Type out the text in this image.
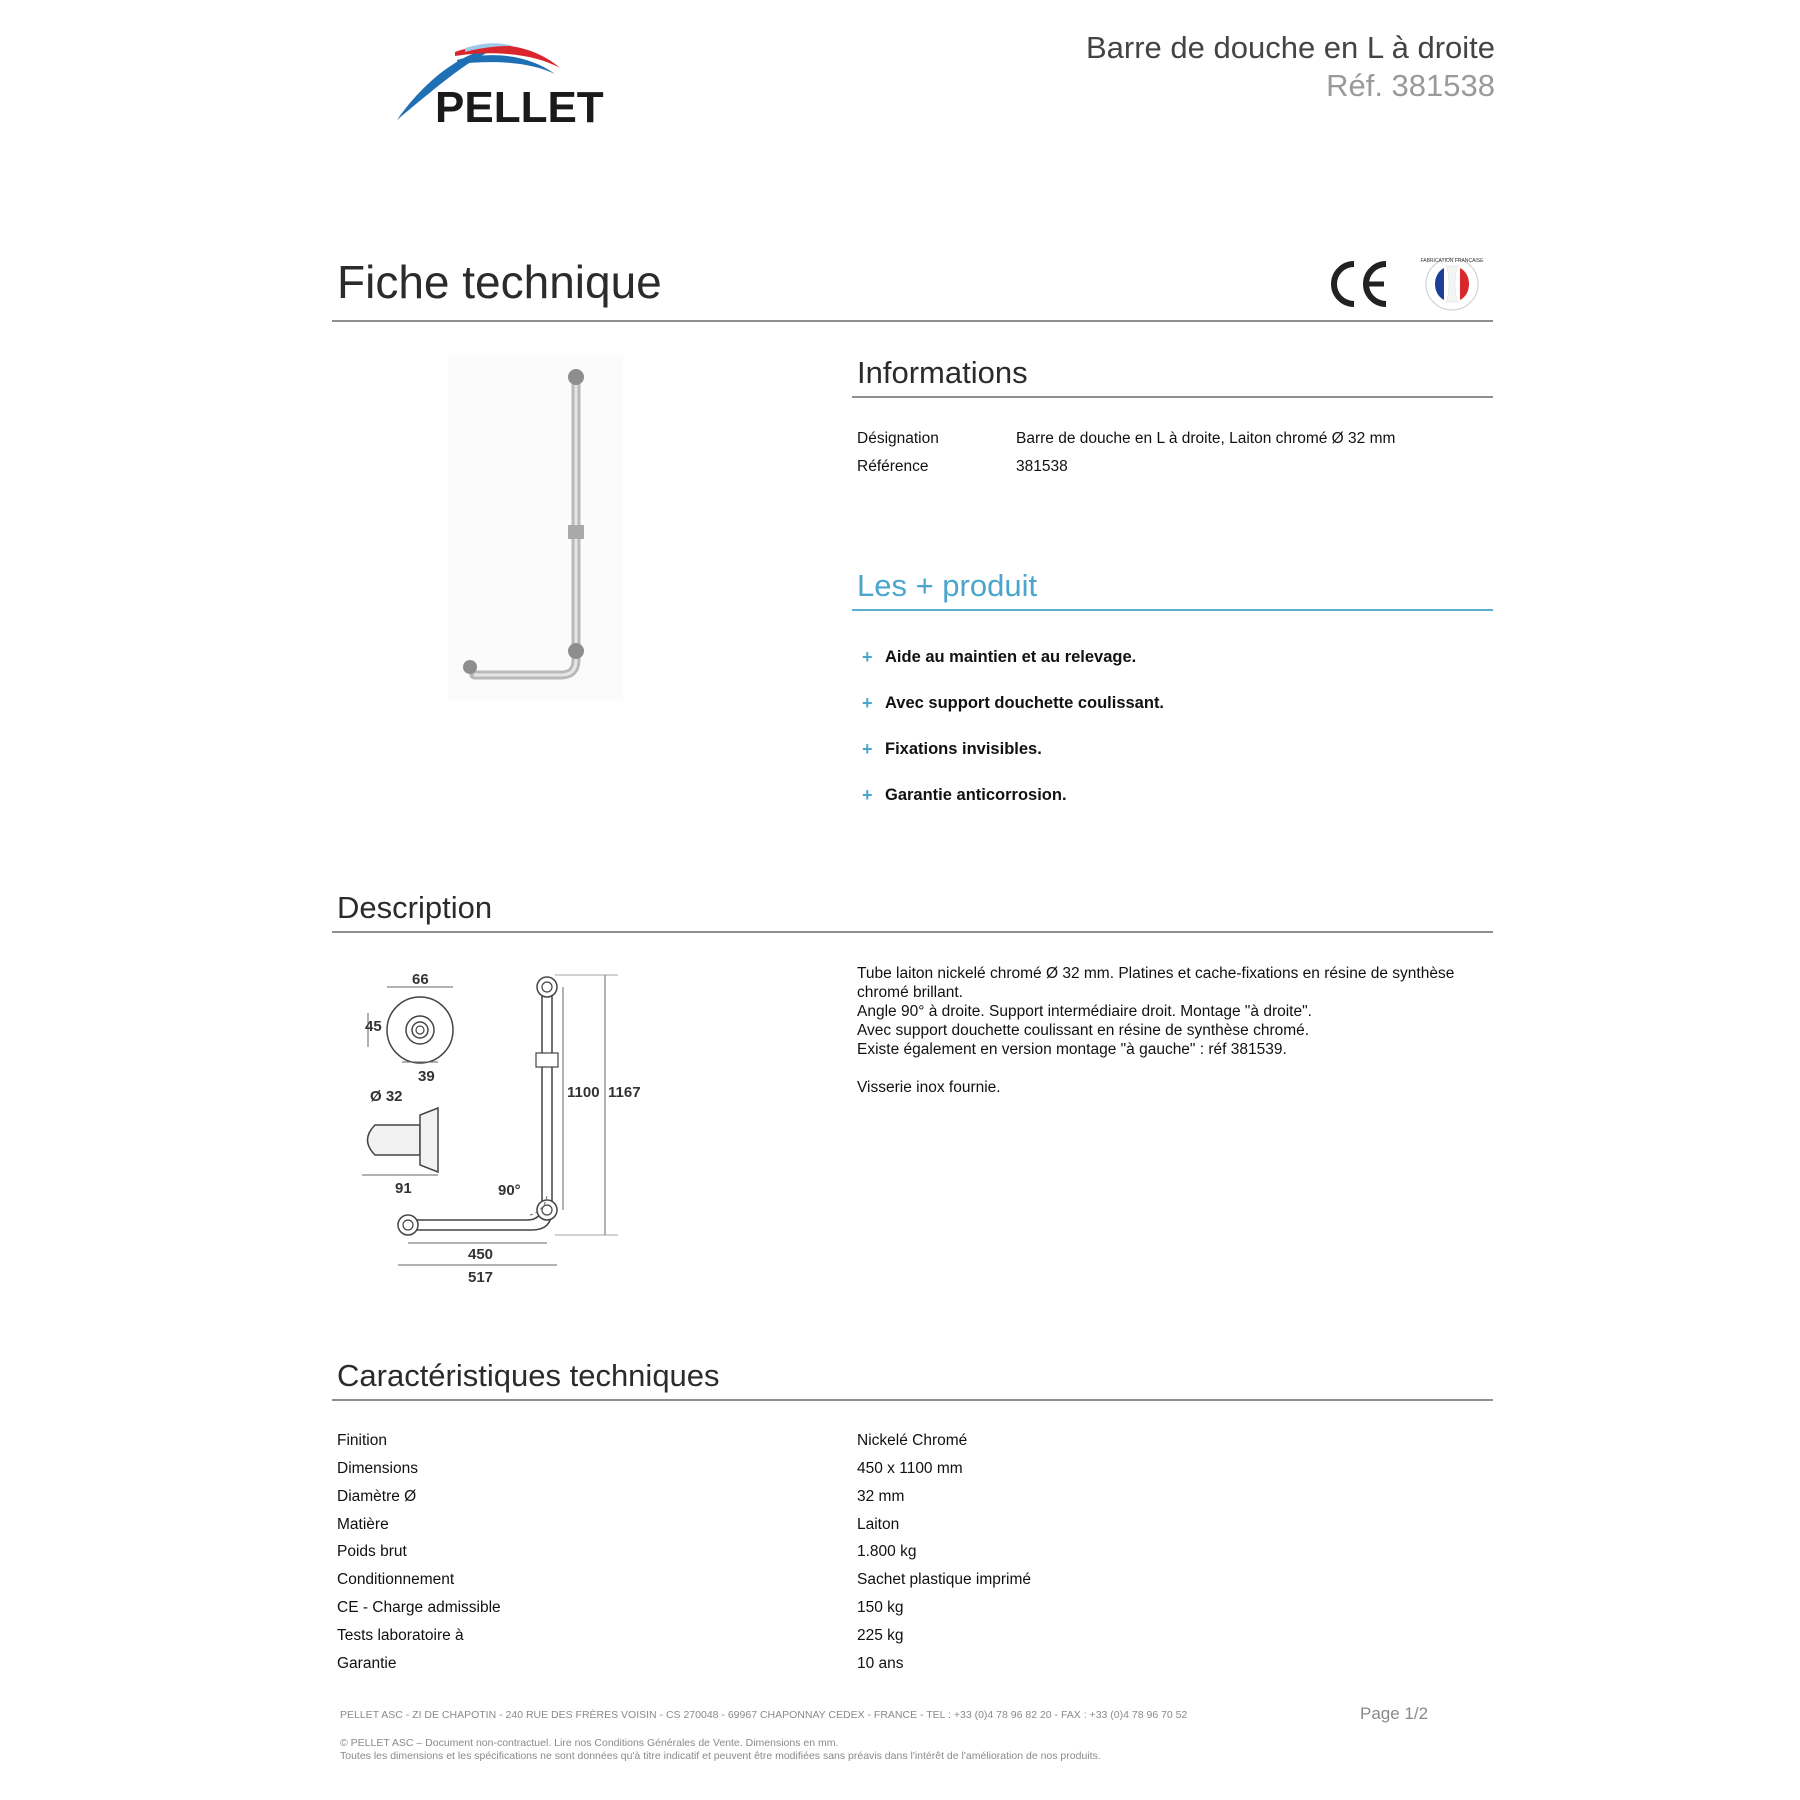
PELLET
Barre de douche en L à droite
Réf. 381538
Fiche technique	FABRICATION FRANÇAISE
Informations
Désignation	Barre de douche en L à droite, Laiton chromé Ø 32 mm
Référence	381538
Les + produit
+ Aide au maintien et au relevage.
+ Avec support douchette coulissant.
+ Fixations invisibles.
+ Garantie anticorrosion.
Description
66
45
39
Ø 32
91	90°
1100 1167
450
517
Tube laiton nickelé chromé Ø 32 mm. Platines et cache-fixations en résine de synthèse
chromé brillant.
Angle 90° à droite. Support intermédiaire droit. Montage "à droite".
Avec support douchette coulissant en résine de synthèse chromé.
Existe également en version montage "à gauche" : réf 381539.
Visserie inox fournie.
Caractéristiques techniques
Finition	Nickelé Chromé
Dimensions	450 x 1100 mm
Diamètre Ø	32 mm
Matière	Laiton
Poids brut	1.800 kg
Conditionnement	Sachet plastique imprimé
CE - Charge admissible	150 kg
Tests laboratoire à	225 kg
Garantie	10 ans
PELLET ASC - ZI DE CHAPOTIN - 240 RUE DES FRÈRES VOISIN - CS 270048 - 69967 CHAPONNAY CEDEX - FRANCE - TEL : +33 (0)4 78 96 82 20 - FAX : +33 (0)4 78 96 70 52	Page 1/2
© PELLET ASC – Document non-contractuel. Lire nos Conditions Générales de Vente. Dimensions en mm.
Toutes les dimensions et les spécifications ne sont données qu'à titre indicatif et peuvent être modifiées sans préavis dans l'intérêt de l'amélioration de nos produits.
